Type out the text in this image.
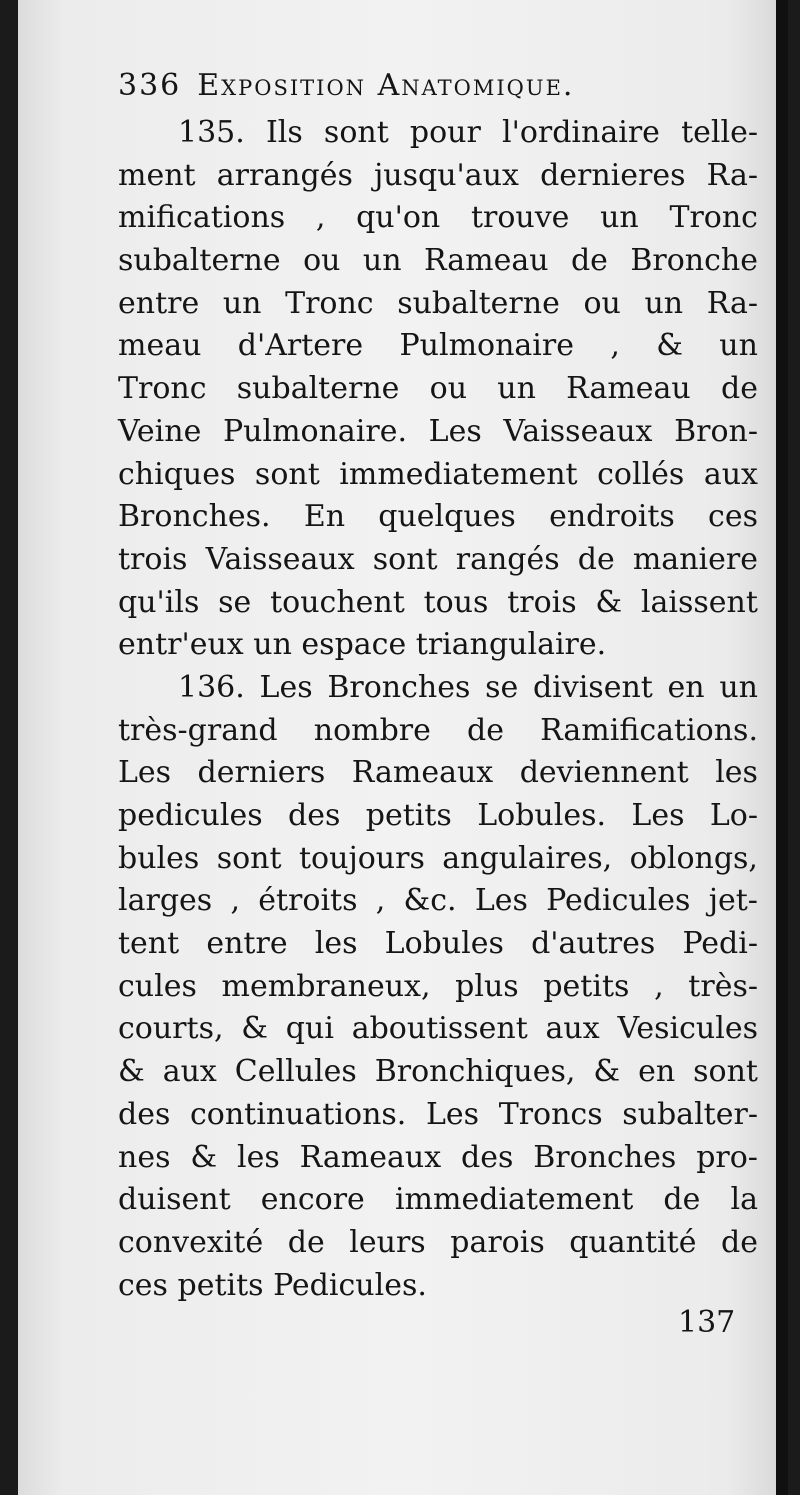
336 Exposition Anatomique.
135. Ils sont pour l'ordinaire telle-
ment arrangés jusqu'aux dernieres Ra-
mifications , qu'on trouve un Tronc
subalterne ou un Rameau de Bronche
entre un Tronc subalterne ou un Ra-
meau d'Artere Pulmonaire , & un
Tronc subalterne ou un Rameau de
Veine Pulmonaire. Les Vaisseaux Bron-
chiques sont immediatement collés aux
Bronches. En quelques endroits ces
trois Vaisseaux sont rangés de maniere
qu'ils se touchent tous trois & laissent
entr'eux un espace triangulaire.
136. Les Bronches se divisent en un
très-grand nombre de Ramifications.
Les derniers Rameaux deviennent les
pedicules des petits Lobules. Les Lo-
bules sont toujours angulaires, oblongs,
larges , étroits , &c. Les Pedicules jet-
tent entre les Lobules d'autres Pedi-
cules membraneux, plus petits , très-
courts, & qui aboutissent aux Vesicules
& aux Cellules Bronchiques, & en sont
des continuations. Les Troncs subalter-
nes & les Rameaux des Bronches pro-
duisent encore immediatement de la
convexité de leurs parois quantité de
ces petits Pedicules.
137
